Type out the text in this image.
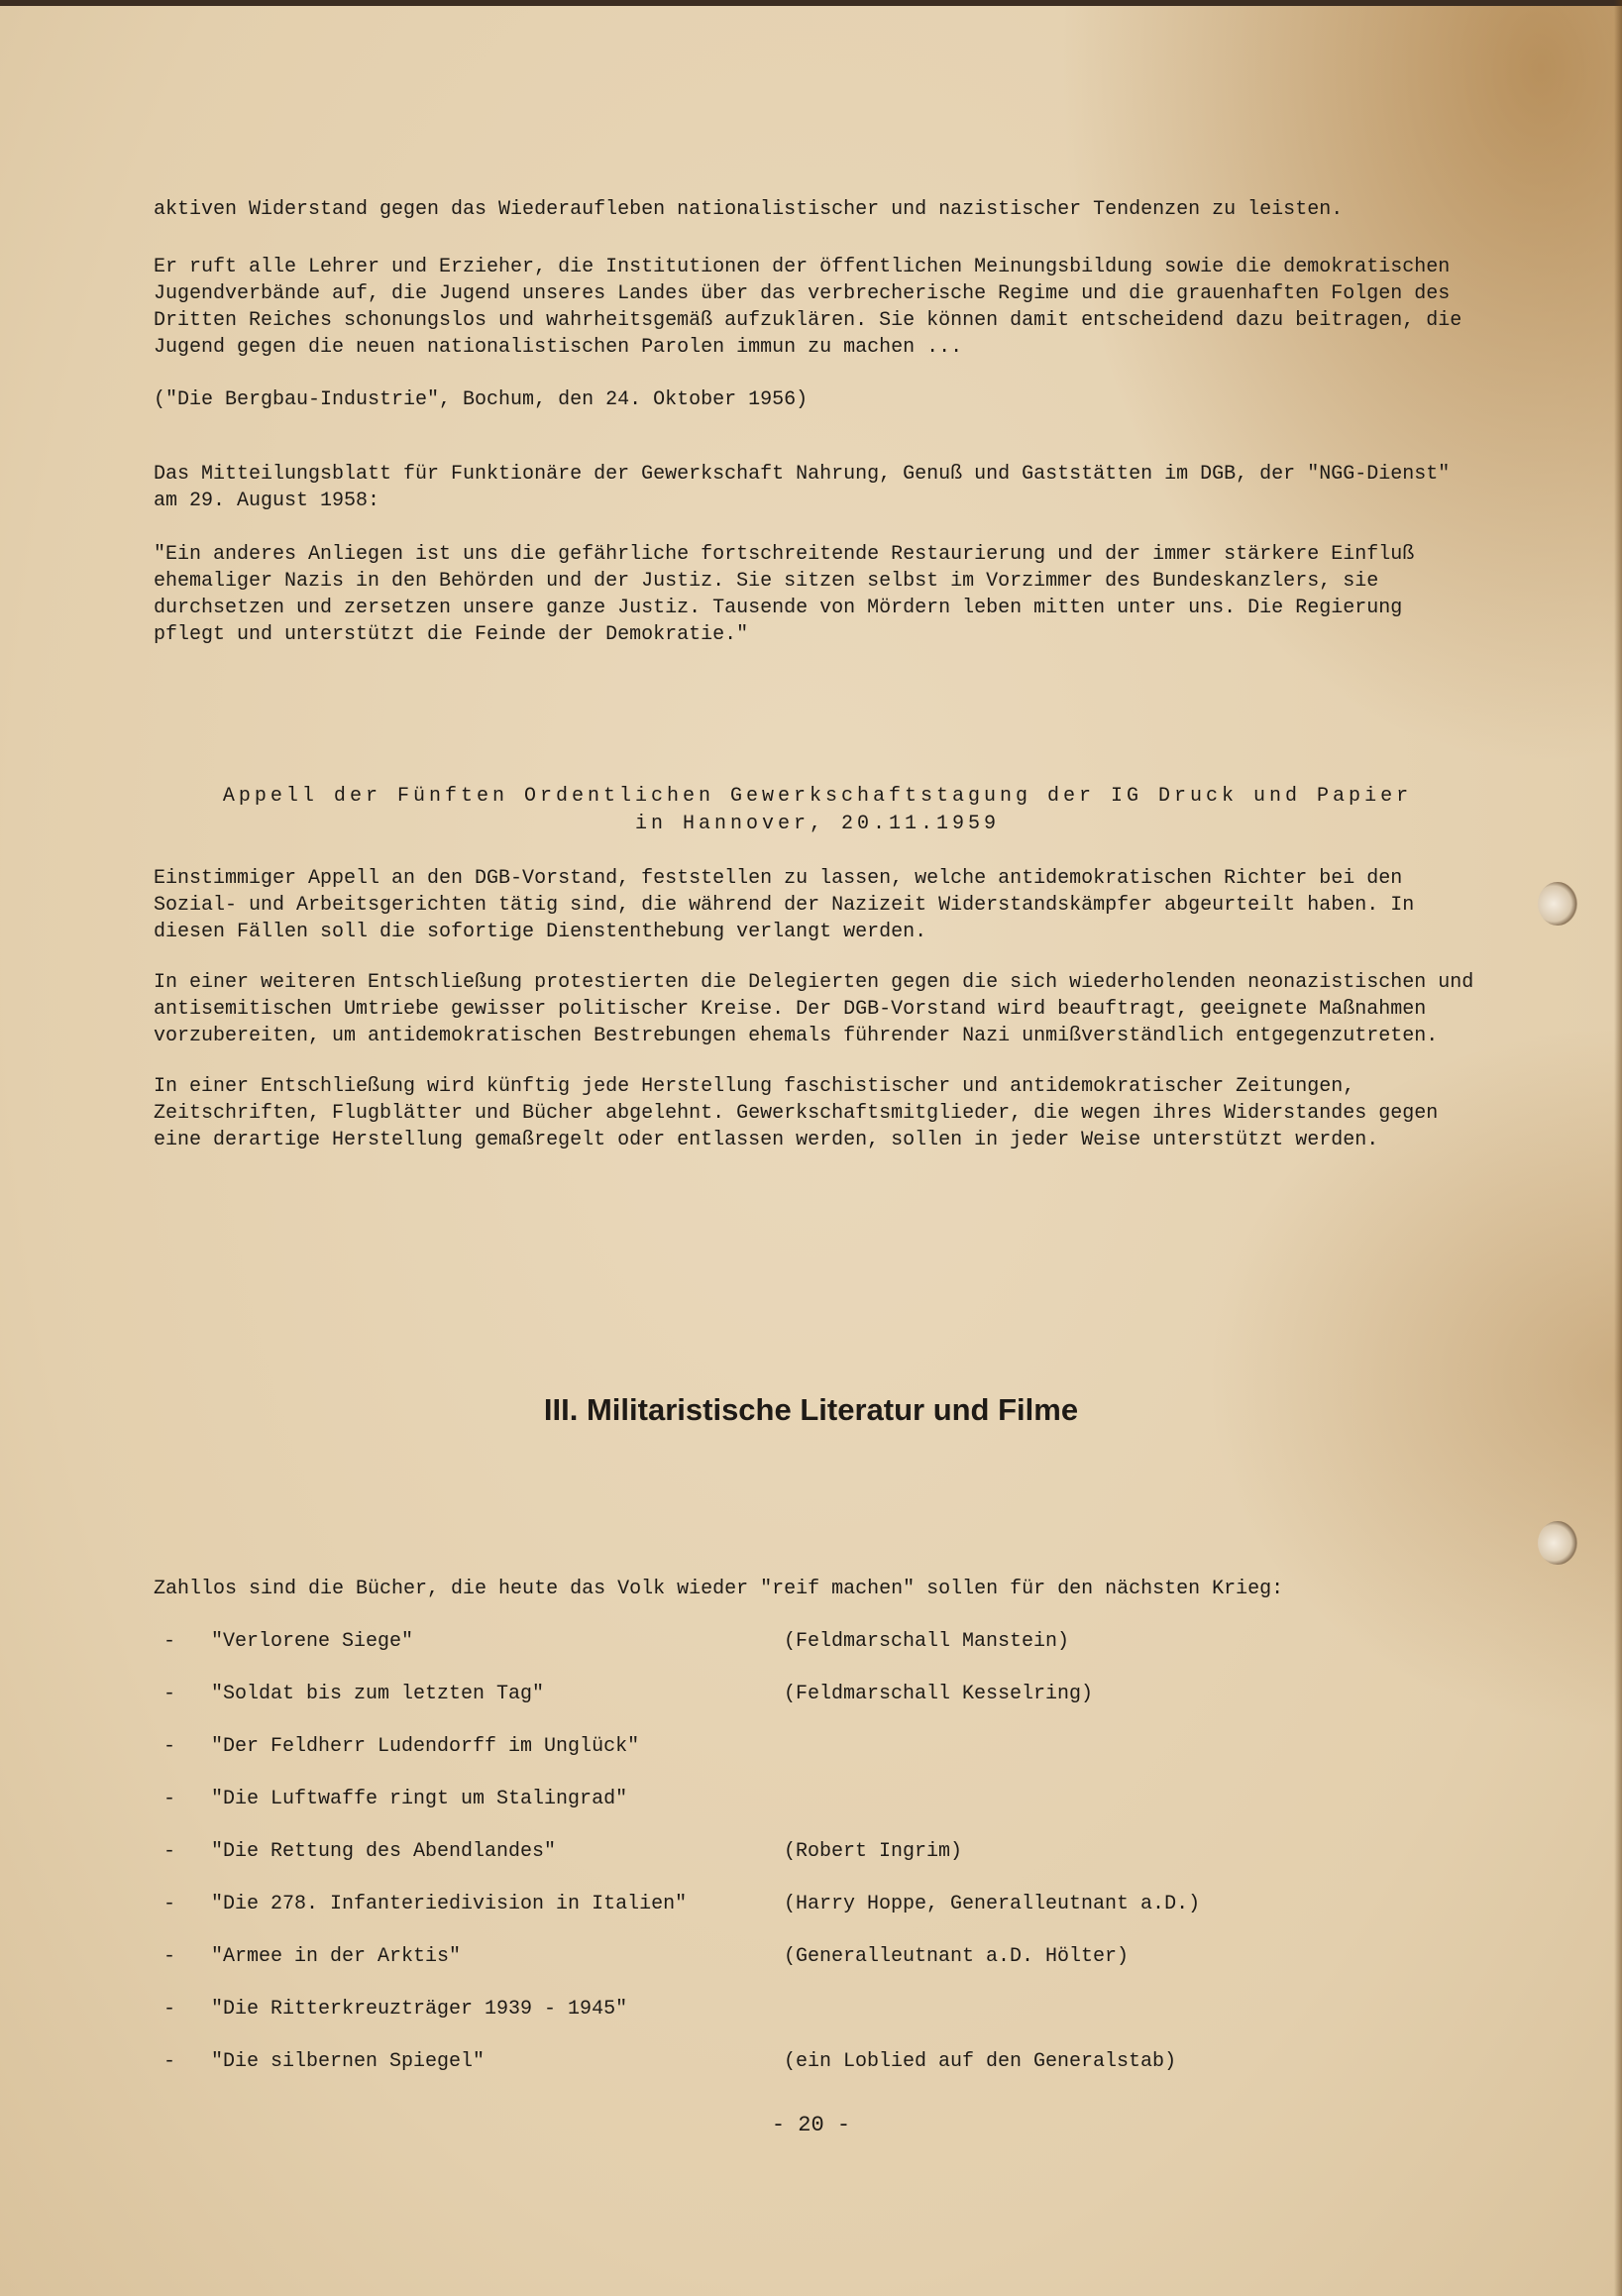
aktiven Widerstand gegen das Wiederaufleben nationalistischer und nazistischer Tendenzen zu leisten.

Er ruft alle Lehrer und Erzieher, die Institutionen der öffentlichen Meinungsbildung sowie die demokratischen Jugendverbände auf, die Jugend unseres Landes über das verbrecherische Regime und die grauenhaften Folgen des Dritten Reiches schonungslos und wahrheitsgemäß aufzuklären. Sie können damit entscheidend dazu beitragen, die Jugend gegen die neuen nationalistischen Parolen immun zu machen ...

("Die Bergbau-Industrie", Bochum, den 24. Oktober 1956)

Das Mitteilungsblatt für Funktionäre der Gewerkschaft Nahrung, Genuß und Gaststätten im DGB, der "NGG-Dienst" am 29. August 1958:

"Ein anderes Anliegen ist uns die gefährliche fortschreitende Restaurierung und der immer stärkere Einfluß ehemaliger Nazis in den Behörden und der Justiz. Sie sitzen selbst im Vorzimmer des Bundeskanzlers, sie durchsetzen und zersetzen unsere ganze Justiz. Tausende von Mördern leben mitten unter uns. Die Regierung pflegt und unterstützt die Feinde der Demokratie."

Appell der Fünften Ordentlichen Gewerkschaftstagung der IG Druck und Papier
in Hannover, 20.11.1959

Einstimmiger Appell an den DGB-Vorstand, feststellen zu lassen, welche antidemokratischen Richter bei den Sozial- und Arbeitsgerichten tätig sind, die während der Nazizeit Widerstandskämpfer abgeurteilt haben. In diesen Fällen soll die sofortige Dienstenthebung verlangt werden.

In einer weiteren Entschließung protestierten die Delegierten gegen die sich wiederholenden neonazistischen und antisemitischen Umtriebe gewisser politischer Kreise. Der DGB-Vorstand wird beauftragt, geeignete Maßnahmen vorzubereiten, um antidemokratischen Bestrebungen ehemals führender Nazi unmißverständlich entgegenzutreten.

In einer Entschließung wird künftig jede Herstellung faschistischer und antidemokratischer Zeitungen, Zeitschriften, Flugblätter und Bücher abgelehnt. Gewerkschaftsmitglieder, die wegen ihres Widerstandes gegen eine derartige Herstellung gemaßregelt oder entlassen werden, sollen in jeder Weise unterstützt werden.

III. Militaristische Literatur und Filme

Zahllos sind die Bücher, die heute das Volk wieder "reif machen" sollen für den nächsten Krieg:

- "Verlorene Siege"	(Feldmarschall Manstein)
- "Soldat bis zum letzten Tag"	(Feldmarschall Kesselring)
- "Der Feldherr Ludendorff im Unglück"
- "Die Luftwaffe ringt um Stalingrad"
- "Die Rettung des Abendlandes"	(Robert Ingrim)
- "Die 278. Infanteriedivision in Italien"	(Harry Hoppe, Generalleutnant a.D.)
- "Armee in der Arktis"	(Generalleutnant a.D. Hölter)
- "Die Ritterkreuzträger 1939 - 1945"
- "Die silbernen Spiegel"	(ein Loblied auf den Generalstab)
- 20 -
